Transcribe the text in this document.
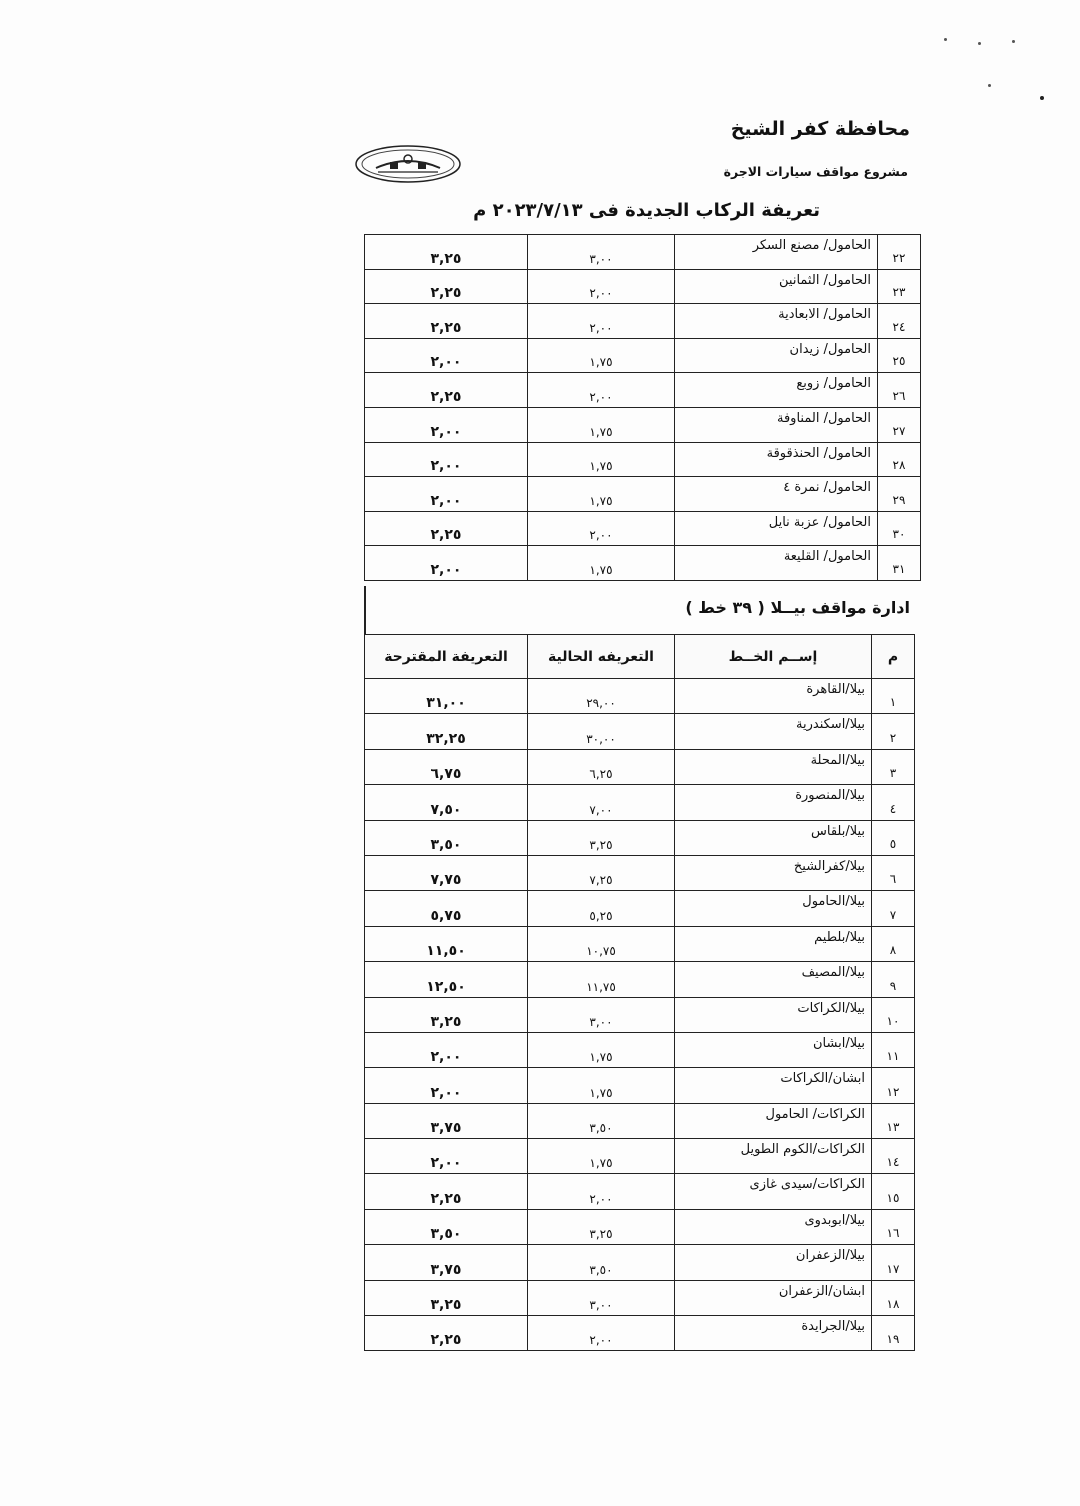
محافظة كفر الشيخ
مشروع مواقف سيارات الاجرة
تعريفة الركاب الجديدة فى ٢٠٢٣/٧/١٣ م
٢٢	الحامول/ مصنع السكر	٣,٠٠	٣,٢٥
٢٣	الحامول/ الثمانين	٢,٠٠	٢,٢٥
٢٤	الحامول/ الابعادية	٢,٠٠	٢,٢٥
٢٥	الحامول/ زيدان	١,٧٥	٢,٠٠
٢٦	الحامول/ زوبع	٢,٠٠	٢,٢٥
٢٧	الحامول/ المناوفة	١,٧٥	٢,٠٠
٢٨	الحامول/ الحنذقوقة	١,٧٥	٢,٠٠
٢٩	الحامول/ نمرة ٤	١,٧٥	٢,٠٠
٣٠	الحامول/ عزبة نايل	٢,٠٠	٢,٢٥
٣١	الحامول/ القليعة	١,٧٥	٢,٠٠
ادارة مواقف بيــلا ( ٣٩ خط )
م	إســم الخــط	التعريفه الحالية	التعريفة المقترحة
١	بيلا/القاهرة	٢٩,٠٠	٣١,٠٠
٢	بيلا/اسكندرية	٣٠,٠٠	٣٢,٢٥
٣	بيلا/المحلة	٦,٢٥	٦,٧٥
٤	بيلا/المنصورة	٧,٠٠	٧,٥٠
٥	بيلا/بلقاس	٣,٢٥	٣,٥٠
٦	بيلا/كفرالشيخ	٧,٢٥	٧,٧٥
٧	بيلا/الحامول	٥,٢٥	٥,٧٥
٨	بيلا/بلطيم	١٠,٧٥	١١,٥٠
٩	بيلا/المصيف	١١,٧٥	١٢,٥٠
١٠	بيلا/الكراكات	٣,٠٠	٣,٢٥
١١	بيلا/ابشان	١,٧٥	٢,٠٠
١٢	ابشان/الكراكات	١,٧٥	٢,٠٠
١٣	الكراكات/ الحامول	٣,٥٠	٣,٧٥
١٤	الكراكات/الكوم الطويل	١,٧٥	٢,٠٠
١٥	الكراكات/سيدى غازى	٢,٠٠	٢,٢٥
١٦	بيلا/ابوبدوى	٣,٢٥	٣,٥٠
١٧	بيلا/الزعفران	٣,٥٠	٣,٧٥
١٨	ابشان/الزعفران	٣,٠٠	٣,٢٥
١٩	بيلا/الجرايدة	٢,٠٠	٢,٢٥
